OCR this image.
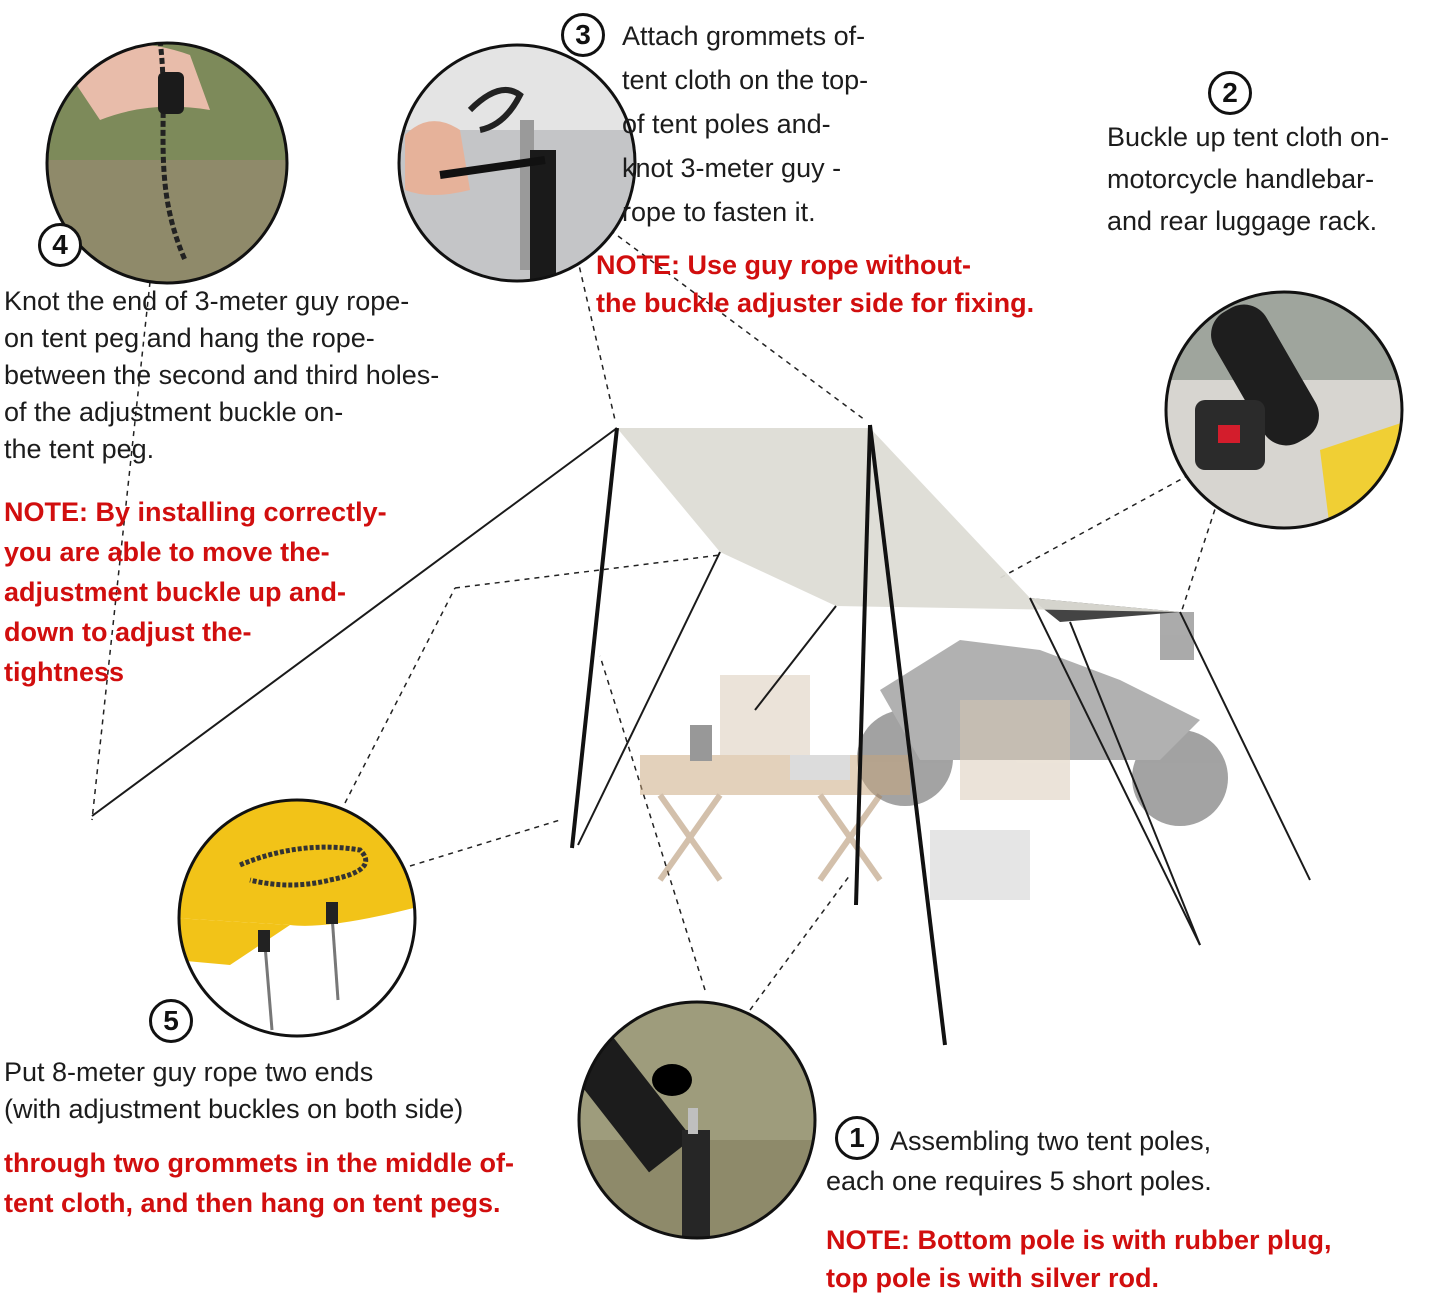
4
Knot the end of 3-meter guy rope-
on tent peg and hang the rope-
between the second and third holes-
of the adjustment buckle on-
the tent peg.
NOTE: By installing correctly-
you are able to move the-
adjustment buckle up and-
down to adjust the-
tightness
3	Attach grommets of-
tent cloth on the top-
of tent poles and-
knot 3-meter guy -
rope to fasten it.
NOTE: Use guy rope without-
the buckle adjuster side for fixing.
2
Buckle up tent cloth on-
motorcycle handlebar-
and rear luggage rack.
5
Put 8-meter guy rope two ends
(with adjustment buckles on both side)
through two grommets in the middle of-
tent cloth, and then hang on tent pegs.
1 Assembling two tent poles,
each one requires 5 short poles.
NOTE: Bottom pole is with rubber plug,
top pole is with silver rod.
